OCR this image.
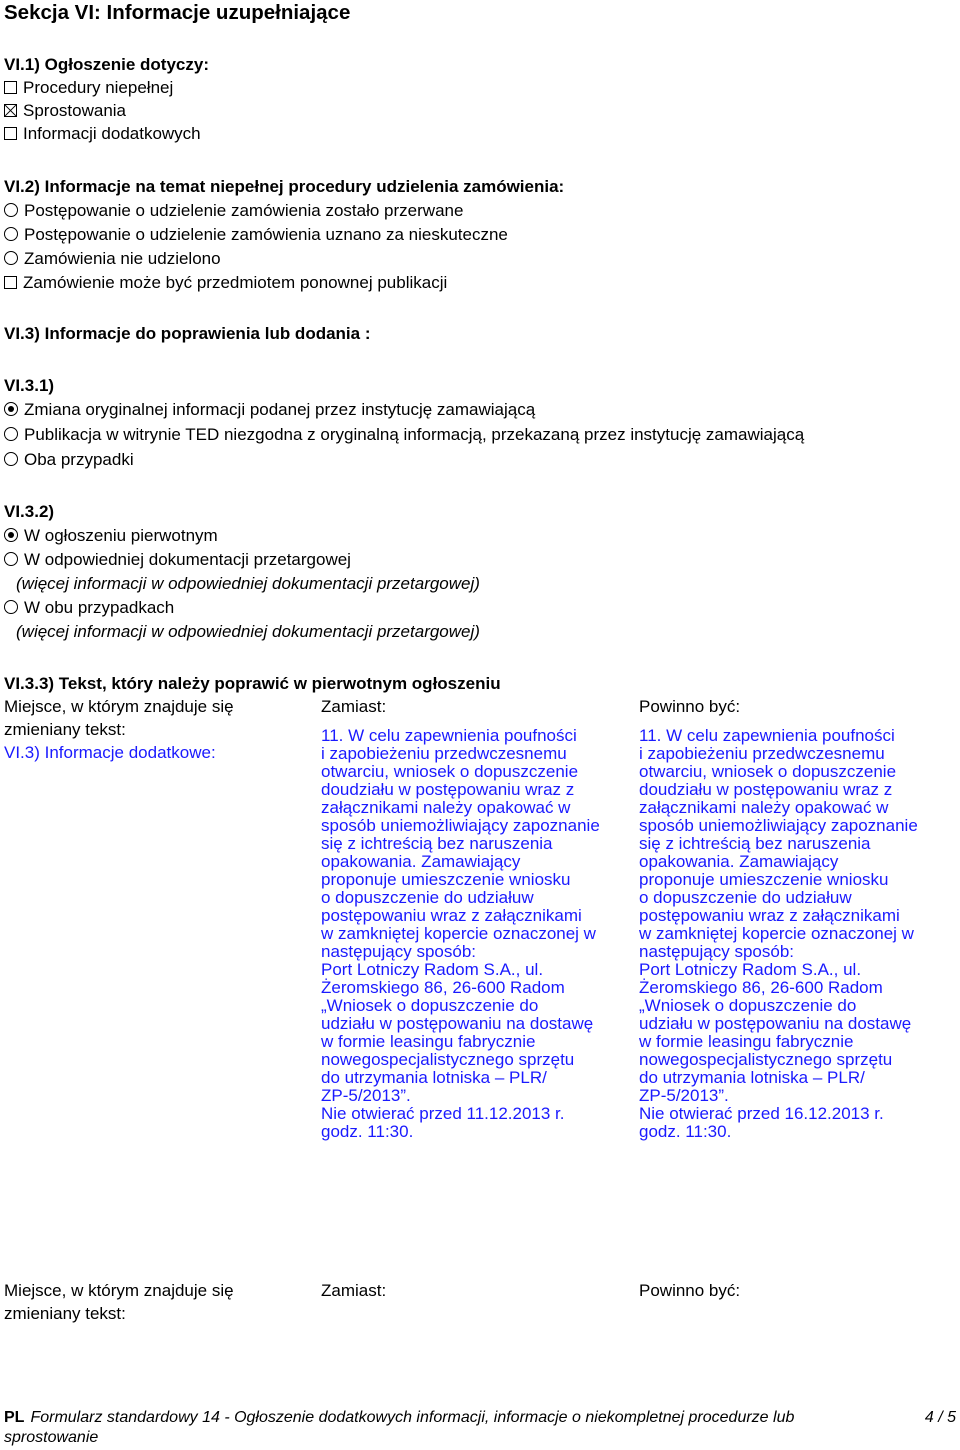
Sekcja VI: Informacje uzupełniające
VI.1) Ogłoszenie dotyczy:
Procedury niepełnej
Sprostowania
Informacji dodatkowych
VI.2) Informacje na temat niepełnej procedury udzielenia zamówienia:
Postępowanie o udzielenie zamówienia zostało przerwane
Postępowanie o udzielenie zamówienia uznano za nieskuteczne
Zamówienia nie udzielono
Zamówienie może być przedmiotem ponownej publikacji
VI.3) Informacje do poprawienia lub dodania :
VI.3.1)
Zmiana oryginalnej informacji podanej przez instytucję zamawiającą
Publikacja w witrynie TED niezgodna z oryginalną informacją, przekazaną przez instytucję zamawiającą
Oba przypadki
VI.3.2)
W ogłoszeniu pierwotnym
W odpowiedniej dokumentacji przetargowej
(więcej informacji w odpowiedniej dokumentacji przetargowej)
W obu przypadkach
(więcej informacji w odpowiedniej dokumentacji przetargowej)
VI.3.3) Tekst, który należy poprawić w pierwotnym ogłoszeniu
Miejsce, w którym znajduje się
zmieniany tekst:
VI.3) Informacje dodatkowe:
Zamiast:	Powinno być:
11. W celu zapewnienia poufności
i zapobieżeniu przedwczesnemu
otwarciu, wniosek o dopuszczenie
doudziału w postępowaniu wraz z
załącznikami należy opakować w
sposób uniemożliwiający zapoznanie
się z ichtreścią bez naruszenia
opakowania. Zamawiający
proponuje umieszczenie wniosku
o dopuszczenie do udziałuw
postępowaniu wraz z załącznikami
w zamkniętej kopercie oznaczonej w
następujący sposób:
Port Lotniczy Radom S.A., ul.
Żeromskiego 86, 26-600 Radom
„Wniosek o dopuszczenie do
udziału w postępowaniu na dostawę
w formie leasingu fabrycznie
nowegospecjalistycznego sprzętu
do utrzymania lotniska – PLR/
ZP-5/2013”.
Nie otwierać przed 11.12.2013 r.
godz. 11:30.
11. W celu zapewnienia poufności
i zapobieżeniu przedwczesnemu
otwarciu, wniosek o dopuszczenie
doudziału w postępowaniu wraz z
załącznikami należy opakować w
sposób uniemożliwiający zapoznanie
się z ichtreścią bez naruszenia
opakowania. Zamawiający
proponuje umieszczenie wniosku
o dopuszczenie do udziałuw
postępowaniu wraz z załącznikami
w zamkniętej kopercie oznaczonej w
następujący sposób:
Port Lotniczy Radom S.A., ul.
Żeromskiego 86, 26-600 Radom
„Wniosek o dopuszczenie do
udziału w postępowaniu na dostawę
w formie leasingu fabrycznie
nowegospecjalistycznego sprzętu
do utrzymania lotniska – PLR/
ZP-5/2013”.
Nie otwierać przed 16.12.2013 r.
godz. 11:30.
Miejsce, w którym znajduje się
zmieniany tekst:
Zamiast:	Powinno być:
PL Formularz standardowy 14 - Ogłoszenie dodatkowych informacji, informacje o niekompletnej procedurze lub
sprostowanie
4 / 5
